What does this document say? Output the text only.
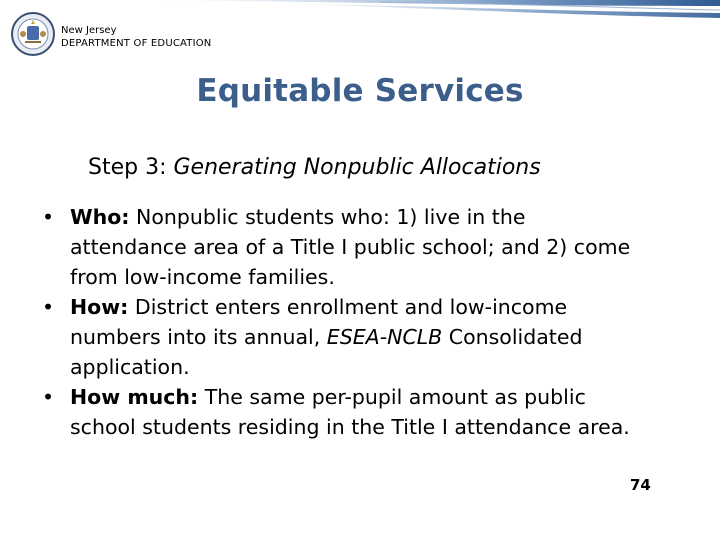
New Jersey
DEPARTMENT OF EDUCATION
Equitable Services
Step 3: Generating Nonpublic Allocations
• Who: Nonpublic students who: 1) live in the attendance area of a Title I public school; and 2) come from low-income families.
• How: District enters enrollment and low-income numbers into its annual, ESEA-NCLB Consolidated application.
• How much: The same per-pupil amount as public school students residing in the Title I attendance area.
74
